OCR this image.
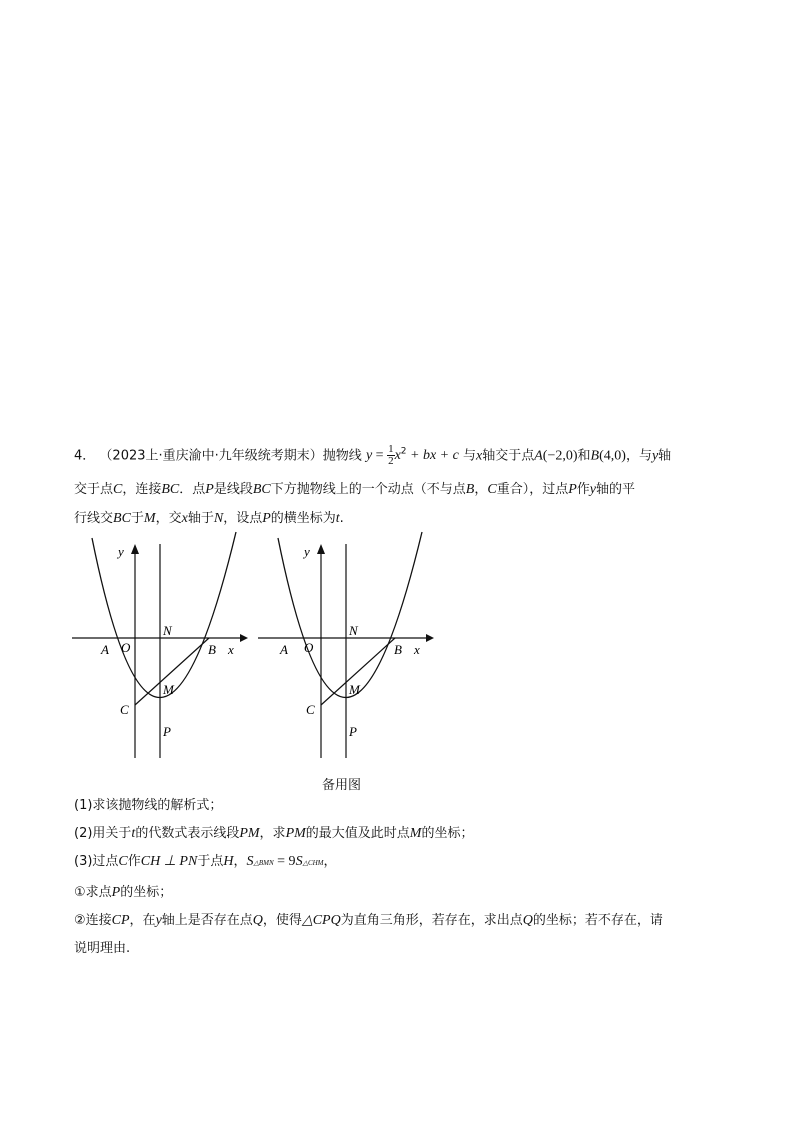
4． （2023上·重庆渝中·九年级统考期末）抛物线 $y = \frac{1}{2} x^2$ + bx + c 与x轴交于点A(−2,0)和B(4,0)，与y轴
交于点C，连接BC．点P是线段BC下方抛物线上的一个动点（不与点B，C重合），过点P作y轴的平
行线交BC于M，交x轴于N，设点P的横坐标为t.
y
x
A O	B
N
M
C
P
y
x
A O	B
N
M
C
P
备用图
(1)求该抛物线的解析式；
(2)用关于t的代数式表示线段PM，求PM的最大值及此时点M的坐标；
(3)过点C作CH ⊥ PN于点H，S△BMN = 9S△CHM，
①求点P的坐标；
②连接CP，在y轴上是否存在点Q，使得△CPQ为直角三角形，若存在，求出点Q的坐标；若不存在，请
说明理由.
